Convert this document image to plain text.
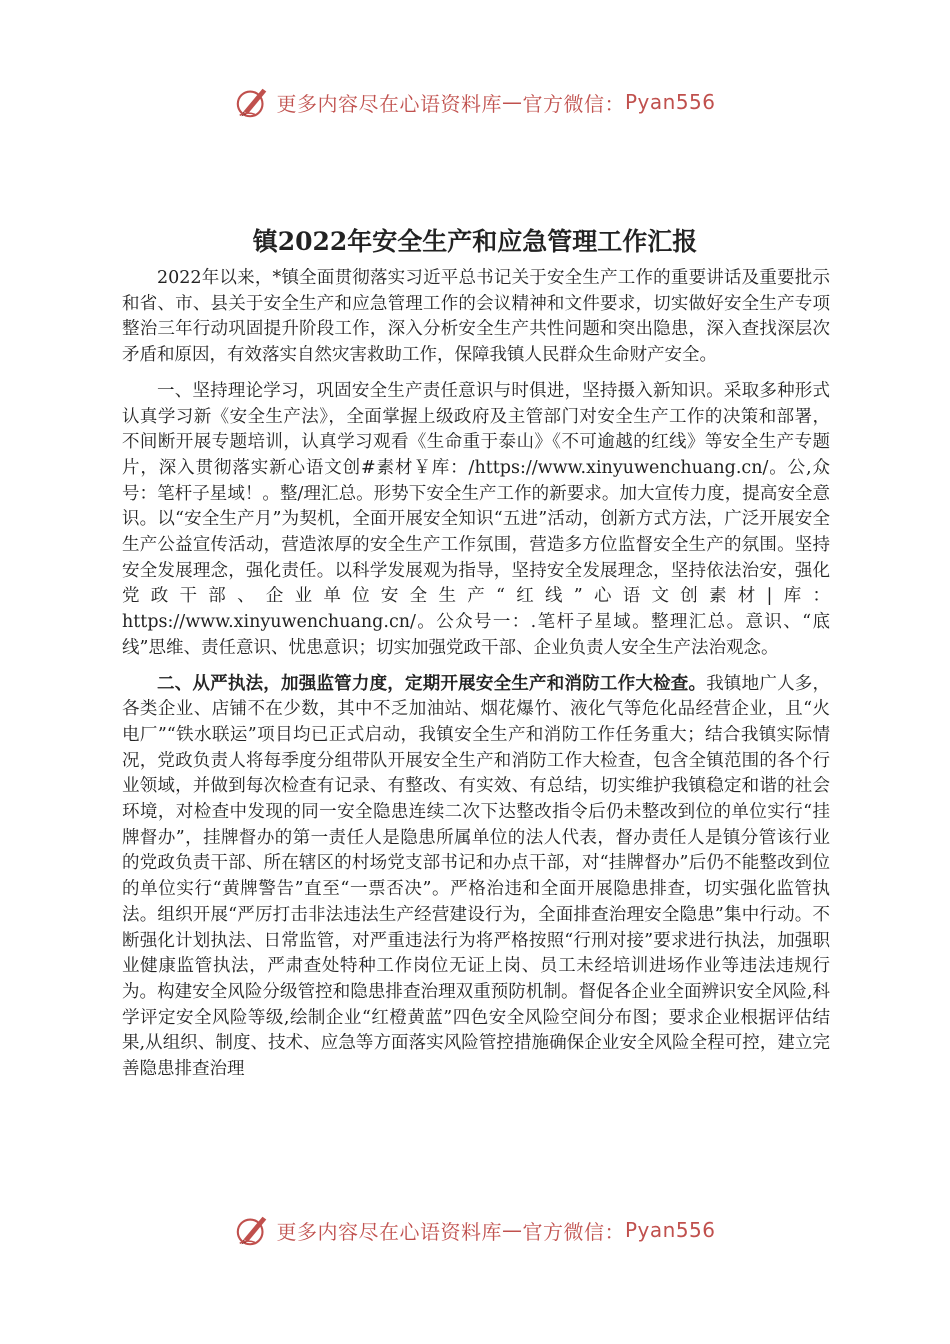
更多内容尽在心语资料库 — 官方微信： Pyan556
镇2022年安全生产和应急管理工作汇报

2022年以来，*镇全面贯彻落实习近平总书记关于安全生产工作的重要讲话及重要批示和省、市、县关于安全生产和应急管理工作的会议精神和文件要求，切实做好安全生产专项整治三年行动巩固提升阶段工作，深入分析安全生产共性问题和突出隐患，深入查找深层次矛盾和原因，有效落实自然灾害救助工作，保障我镇人民群众生命财产安全。

一、坚持理论学习，巩固安全生产责任意识与时俱进，坚持摄入新知识。采取多种形式认真学习新《安全生产法》，全面掌握上级政府及主管部门对安全生产工作的决策和部署，不间断开展专题培训，认真学习观看《生命重于泰山》《不可逾越的红线》等安全生产专题片，深入贯彻落实新心语文创#素材￥库：/https://www.xinyuwenchuang.cn/。公,众号：笔杆子星域！。整/理汇总。形势下安全生产工作的新要求。加大宣传力度，提高安全意识。以“安全生产月”为契机，全面开展安全知识“五进”活动，创新方式方法，广泛开展安全生产公益宣传活动，营造浓厚的安全生产工作氛围，营造多方位监督安全生产的氛围。坚持安全发展理念，强化责任。以科学发展观为指导，坚持安全发展理念，坚持依法治安，强化党政干部、企业单位安全生产“红线”心语文创素材|库：https://www.xinyuwenchuang.cn/。公众号一：.笔杆子星域。整理汇总。意识、“底线”思维、责任意识、忧患意识；切实加强党政干部、企业负责人安全生产法治观念。

二、从严执法，加强监管力度，定期开展安全生产和消防工作大检查。我镇地广人多，各类企业、店铺不在少数，其中不乏加油站、烟花爆竹、液化气等危化品经营企业，且“火电厂”“铁水联运”项目均已正式启动，我镇安全生产和消防工作任务重大；结合我镇实际情况，党政负责人将每季度分组带队开展安全生产和消防工作大检查，包含全镇范围的各个行业领域，并做到每次检查有记录、有整改、有实效、有总结，切实维护我镇稳定和谐的社会环境，对检查中发现的同一安全隐患连续二次下达整改指令后仍未整改到位的单位实行“挂牌督办”，挂牌督办的第一责任人是隐患所属单位的法人代表，督办责任人是镇分管该行业的党政负责干部、所在辖区的村场党支部书记和办点干部，对“挂牌督办”后仍不能整改到位的单位实行“黄牌警告”直至“一票否决”。严格治违和全面开展隐患排查，切实强化监管执法。组织开展“严厉打击非法违法生产经营建设行为，全面排查治理安全隐患”集中行动。不断强化计划执法、日常监管，对严重违法行为将严格按照“行刑对接”要求进行执法，加强职业健康监管执法，严肃查处特种工作岗位无证上岗、员工未经培训进场作业等违法违规行为。构建安全风险分级管控和隐患排查治理双重预防机制。督促各企业全面辨识安全风险,科学评定安全风险等级,绘制企业“红橙黄蓝”四色安全风险空间分布图；要求企业根据评估结果,从组织、制度、技术、应急等方面落实风险管控措施确保企业安全风险全程可控，建立完善隐患排查治理

更多内容尽在心语资料库 — 官方微信： Pyan556
